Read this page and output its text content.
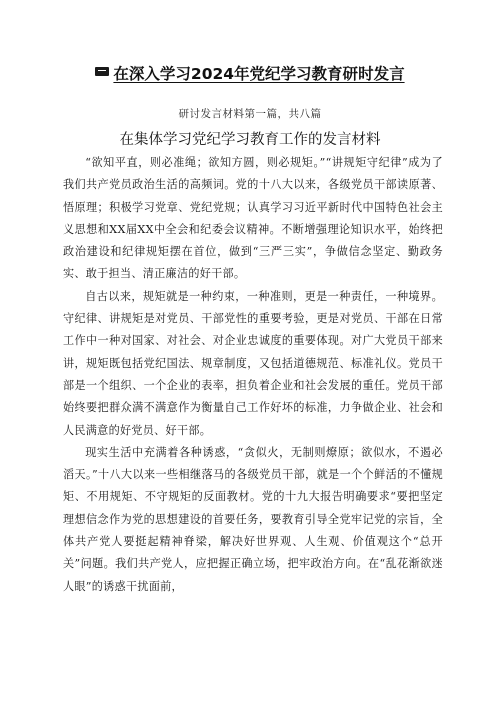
在深入学习2024年党纪学习教育研时发言
研讨发言材料第一篇，共八篇
在集体学习党纪学习教育工作的发言材料

“欲知平直，则必准绳；欲知方圆，则必规矩。”“讲规矩守纪律”成为了我们共产党员政治生活的高频词。党的十八大以来，各级党员干部读原著、悟原理；积极学习党章、党纪党规；认真学习习近平新时代中国特色社会主义思想和XX届XX中全会和纪委会议精神。不断增强理论知识水平，始终把政治建设和纪律规矩摆在首位，做到“三严三实”，争做信念坚定、勤政务实、敢于担当、清正廉洁的好干部。

自古以来，规矩就是一种约束，一种准则，更是一种责任，一种境界。守纪律、讲规矩是对党员、干部党性的重要考验，更是对党员、干部在日常工作中一种对国家、对社会、对企业忠诚度的重要体现。对广大党员干部来讲，规矩既包括党纪国法、规章制度，又包括道德规范、标准礼仪。党员干部是一个组织、一个企业的表率，担负着企业和社会发展的重任。党员干部始终要把群众满不满意作为衡量自己工作好坏的标准，力争做企业、社会和人民满意的好党员、好干部。

现实生活中充满着各种诱惑，“贪似火，无制则燎原；欲似水，不遏必滔天。”十八大以来一些相继落马的各级党员干部，就是一个个鲜活的不懂规矩、不用规矩、不守规矩的反面教材。党的十九大报告明确要求“要把坚定理想信念作为党的思想建设的首要任务，要教育引导全党牢记党的宗旨，全体共产党人要挺起精神脊梁，解决好世界观、人生观、价值观这个“总开关”问题。我们共产党人，应把握正确立场，把牢政治方向。在“乱花渐欲迷人眼”的诱惑干扰面前，
